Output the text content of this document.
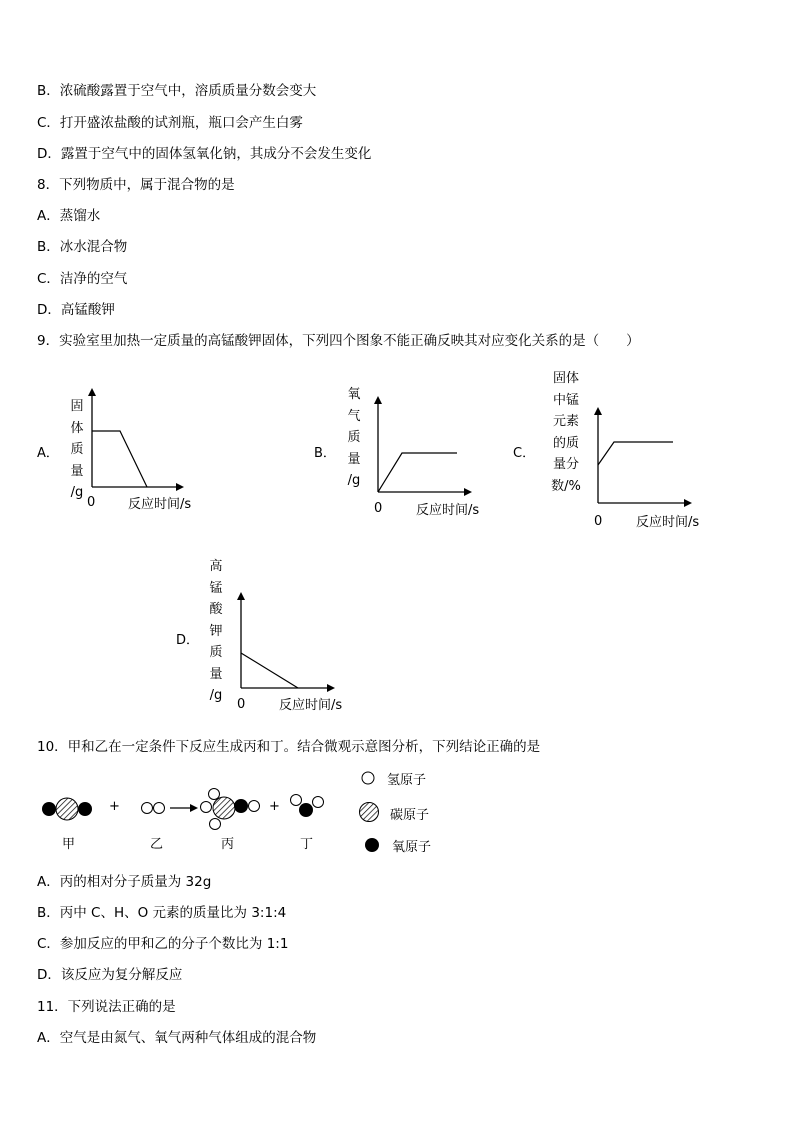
B．浓硫酸露置于空气中，溶质质量分数会变大
C．打开盛浓盐酸的试剂瓶，瓶口会产生白雾
D．露置于空气中的固体氢氧化钠，其成分不会发生变化
8．下列物质中，属于混合物的是
A．蒸馏水
B．冰水混合物
C．洁净的空气
D．高锰酸钾
9．实验室里加热一定质量的高锰酸钾固体，下列四个图象不能正确反映其对应变化关系的是（　　）
A．
固
体
质
量
/g
0	反应时间/s
B．
氧
气
质
量
/g
0	反应时间/s
C．
固体
中锰
元素
的质
量分
数/%
0	反应时间/s
D．
高
锰
酸
钾
质
量
/g
0	反应时间/s
10．甲和乙在一定条件下反应生成丙和丁。结合微观示意图分析，下列结论正确的是
+	+
甲	乙	丙	丁
氢原子
碳原子
氧原子
A．丙的相对分子质量为 32g
B．丙中 C、H、O 元素的质量比为 3:1:4
C．参加反应的甲和乙的分子个数比为 1:1
D．该反应为复分解反应
11．下列说法正确的是
A．空气是由氮气、氧气两种气体组成的混合物
